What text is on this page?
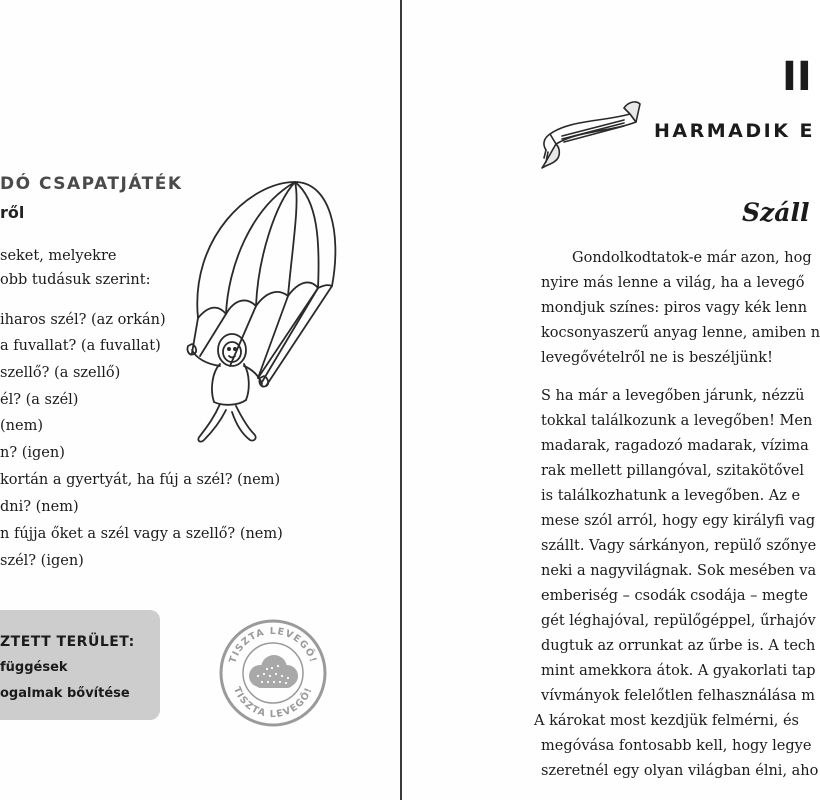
DÓ CSAPATJÁTÉK
ről
seket, melyekre
obb tudásuk szerint:
iharos szél? (az orkán)
a fuvallat? (a fuvallat)
szellő? (a szellő)
él? (a szél)
(nem)
n? (igen)
kortán a gyertyát, ha fúj a szél? (nem)
dni? (nem)
n fújja őket a szél vagy a szellő? (nem)
szél? (igen)
ZTETT TERÜLET:
függések
ogalmak bővítése
TISZTA LEVEGŐ!
TISZTA LEVEGŐ!
II
HARMADIK E
Száll
Gondolkodtatok-e már azon, hog
nyire más lenne a világ, ha a levegő
mondjuk színes: piros vagy kék lenn
kocsonyaszerű anyag lenne, amiben n
levegővételről ne is beszéljünk!
S ha már a levegőben járunk, nézzü
tokkal találkozunk a levegőben! Men
madarak, ragadozó madarak, vízima
rak mellett pillangóval, szitakötővel
is találkozhatunk a levegőben. Az e
mese szól arról, hogy egy királyfi vag
szállt. Vagy sárkányon, repülő szőnye
neki a nagyvilágnak. Sok mesében va
emberiség – csodák csodája – megte
gét léghajóval, repülőgéppel, űrhajóv
dugtuk az orrunkat az űrbe is. A tech
mint amekkora átok. A gyakorlati tap
vívmányok felelőtlen felhasználása m
A károkat most kezdjük felmérni, és
megóvása fontosabb kell, hogy legye
szeretnél egy olyan világban élni, aho
